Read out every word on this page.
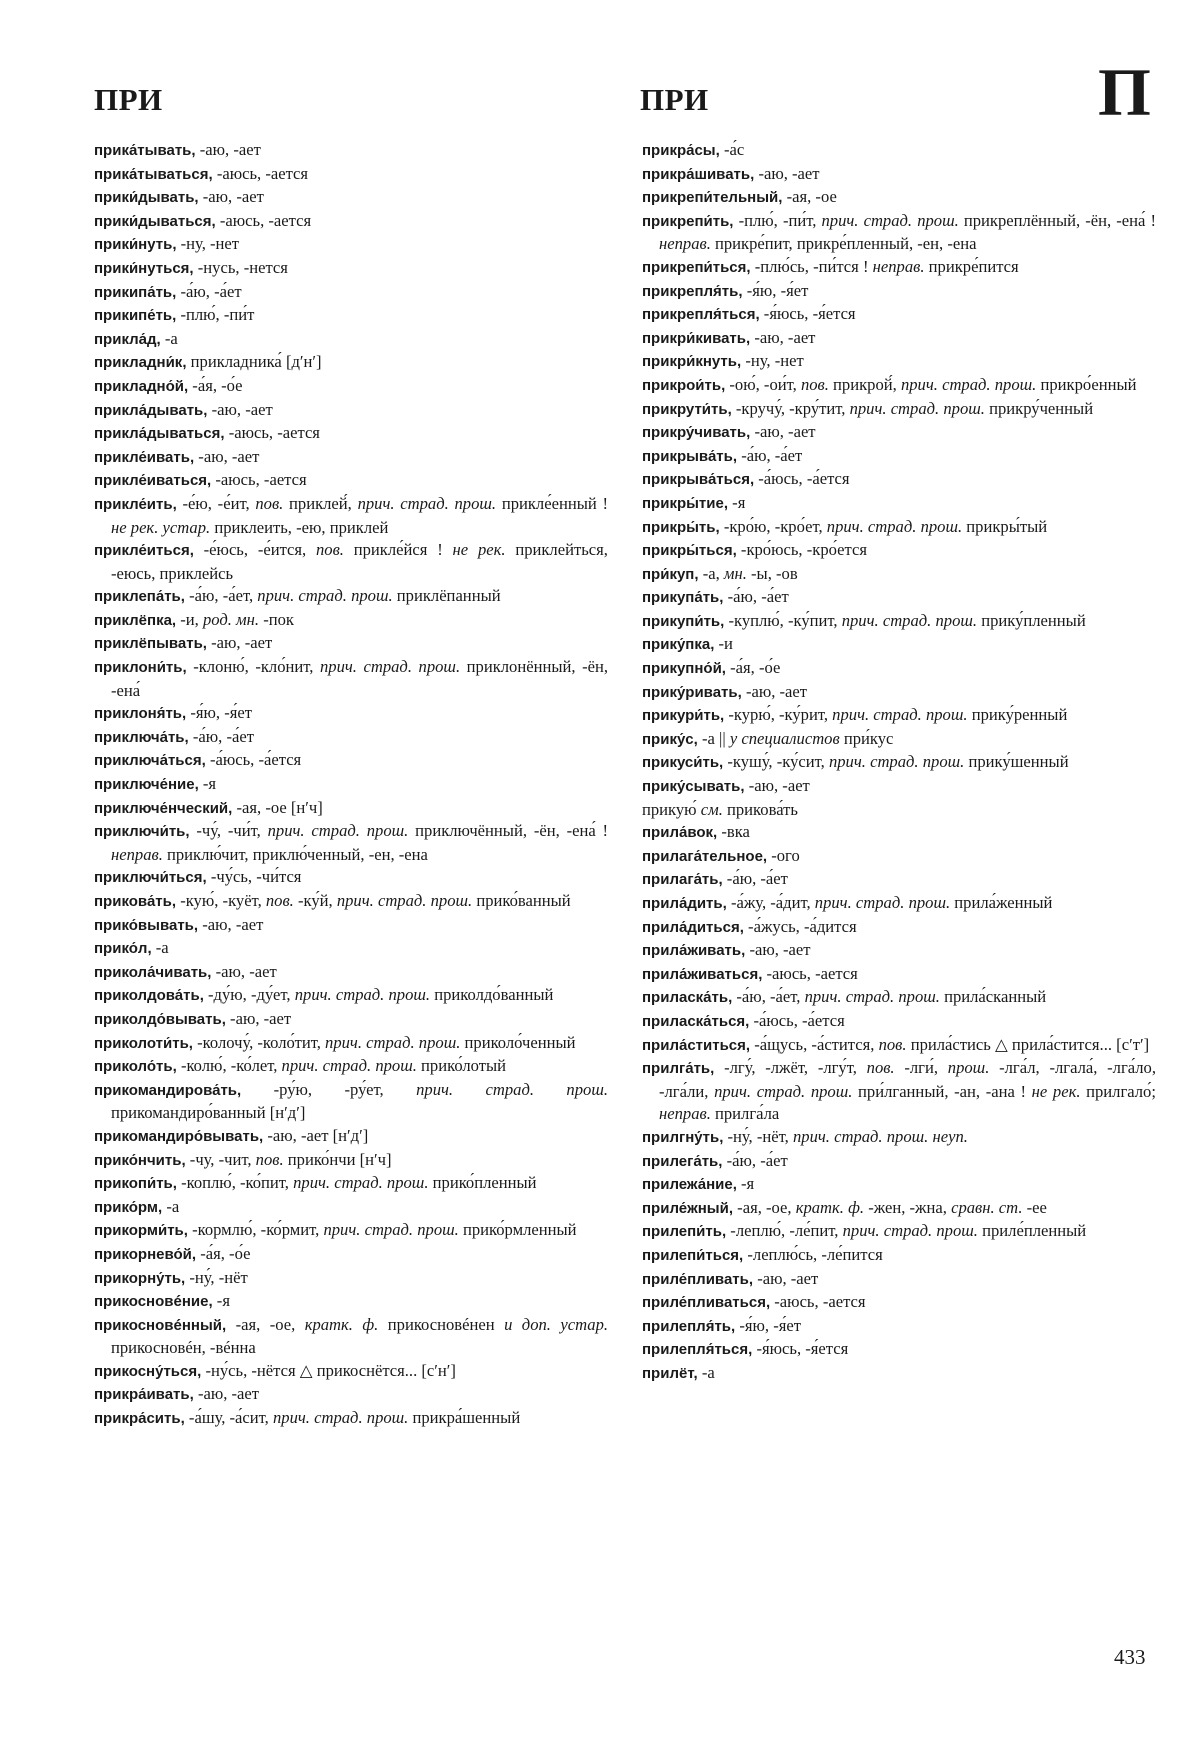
ПРИ	ПРИ	П
прика́тывать, -аю, -ает
прика́тываться, -аюсь, -ается
прики́дывать, -аю, -ает
прики́дываться, -аюсь, -ается
прики́нуть, -ну, -нет
прики́нуться, -нусь, -нется
прикипа́ть, -а́ю, -а́ет
прикипе́ть, -плю́, -пи́т
прикла́д, -а
прикладни́к, прикладника́ [дʹнʹ]
прикладно́й, -а́я, -о́е
прикла́дывать, -аю, -ает
прикла́дываться, -аюсь, -ается
прикле́ивать, -аю, -ает
прикле́иваться, -аюсь, -ается
прикле́ить, -е́ю, -е́ит, пов. приклей́, прич. страд. прош. прикле́енный ! не рек. устар. приклеить, -ею, приклей
прикле́иться, -е́юсь, -е́ится, пов. прикле́йся ! не рек. приклейться, -еюсь, приклейсь
приклепа́ть, -а́ю, -а́ет, прич. страд. прош. приклёпанный
приклёпка, -и, род. мн. -пок
приклёпывать, -аю, -ает
приклони́ть, -клоню́, -кло́нит, прич. страд. прош. приклонённый, -ён, -ена́
приклоня́ть, -я́ю, -я́ет
приключа́ть, -а́ю, -а́ет
приключа́ться, -а́юсь, -а́ется
приключе́ние, -я
приключе́нческий, -ая, -ое [нʹч]
приключи́ть, -чу́, -чи́т, прич. страд. прош. приключённый, -ён, -ена́ ! неправ. приклю́чит, приклю́ченный, -ен, -ена
приключи́ться, -чу́сь, -чи́тся
прикова́ть, -кую́, -куёт, пов. -ку́й, прич. страд. прош. прико́ванный
прико́вывать, -аю, -ает
прико́л, -а
прикола́чивать, -аю, -ает
приколдова́ть, -ду́ю, -ду́ет, прич. страд. прош. приколдо́ванный
приколдо́вывать, -аю, -ает
приколоти́ть, -колочу́, -коло́тит, прич. страд. прош. приколо́ченный
приколо́ть, -колю́, -ко́лет, прич. страд. прош. прико́лотый
прикомандирова́ть, -ру́ю, -ру́ет, прич. страд. прош. прикомандиро́ванный [нʹдʹ]
прикомандиро́вывать, -аю, -ает [нʹдʹ]
прико́нчить, -чу, -чит, пов. прико́нчи [нʹч]
прикопи́ть, -коплю́, -ко́пит, прич. страд. прош. прико́пленный
прико́рм, -а
прикорми́ть, -кормлю́, -ко́рмит, прич. страд. прош. прико́рмленный
прикорнево́й, -а́я, -о́е
прикорну́ть, -ну́, -нёт
прикосновéние, -я
прикосновéнный, -ая, -ое, кратк. ф. прикосновéнен и доп. устар. прикосновéн, -вéнна
прикосну́ться, -ну́сь, -нётся △ прикоснётся... [сʹнʹ]
прикра́ивать, -аю, -ает
прикра́сить, -а́шу, -а́сит, прич. страд. прош. прикра́шенный
прикра́сы, -а́с
прикра́шивать, -аю, -ает
прикрепи́тельный, -ая, -ое
прикрепи́ть, -плю́, -пи́т, прич. страд. прош. прикреплённый, -ён, -ена́ ! неправ. прикре́пит, прикре́пленный, -ен, -ена
прикрепи́ться, -плю́сь, -пи́тся ! неправ. прикре́пится
прикрепля́ть, -я́ю, -я́ет
прикрепля́ться, -я́юсь, -я́ется
прикри́кивать, -аю, -ает
прикри́кнуть, -ну, -нет
прикрои́ть, -ою́, -ои́т, пов. прикрой́, прич. страд. прош. прикро́енный
прикрути́ть, -кручу́, -кру́тит, прич. страд. прош. прикру́ченный
прикру́чивать, -аю, -ает
прикрыва́ть, -а́ю, -а́ет
прикрыва́ться, -а́юсь, -а́ется
прикры́тие, -я
прикры́ть, -кро́ю, -кро́ет, прич. страд. прош. прикры́тый
прикры́ться, -кро́юсь, -кро́ется
при́куп, -а, мн. -ы, -ов
прикупа́ть, -а́ю, -а́ет
прикупи́ть, -куплю́, -ку́пит, прич. страд. прош. прику́пленный
прику́пка, -и
прикупно́й, -а́я, -о́е
прику́ривать, -аю, -ает
прикури́ть, -курю́, -ку́рит, прич. страд. прош. прику́ренный
прику́с, -а || у специалистов при́кус
прикуси́ть, -кушу́, -ку́сит, прич. страд. прош. прику́шенный
прику́сывать, -аю, -ает
прикую́ см. прикова́ть
прила́вок, -вка
прилага́тельное, -ого
прилага́ть, -а́ю, -а́ет
прила́дить, -а́жу, -а́дит, прич. страд. прош. прила́женный
прила́диться, -а́жусь, -а́дится
прила́живать, -аю, -ает
прила́живаться, -аюсь, -ается
приласка́ть, -а́ю, -а́ет, прич. страд. прош. прила́сканный
приласка́ться, -а́юсь, -а́ется
прила́ститься, -а́щусь, -а́стится, пов. прила́стись △ прила́стится... [сʹтʹ]
прилга́ть, -лгу́, -лжёт, -лгу́т, пов. -лги́, прош. -лга́л, -лгала́, -лга́ло, -лга́ли, прич. страд. прош. при́лганный, -ан, -ана ! не рек. прилгало́; неправ. прилга́ла
прилгну́ть, -ну́, -нёт, прич. страд. прош. неуп.
прилега́ть, -а́ю, -а́ет
прилежа́ние, -я
приле́жный, -ая, -ое, кратк. ф. -жен, -жна, сравн. ст. -ее
прилепи́ть, -леплю́, -ле́пит, прич. страд. прош. приле́пленный
прилепи́ться, -леплю́сь, -ле́пится
приле́пливать, -аю, -ает
приле́пливаться, -аюсь, -ается
прилепля́ть, -я́ю, -я́ет
прилепля́ться, -я́юсь, -я́ется
прилёт, -а
433
